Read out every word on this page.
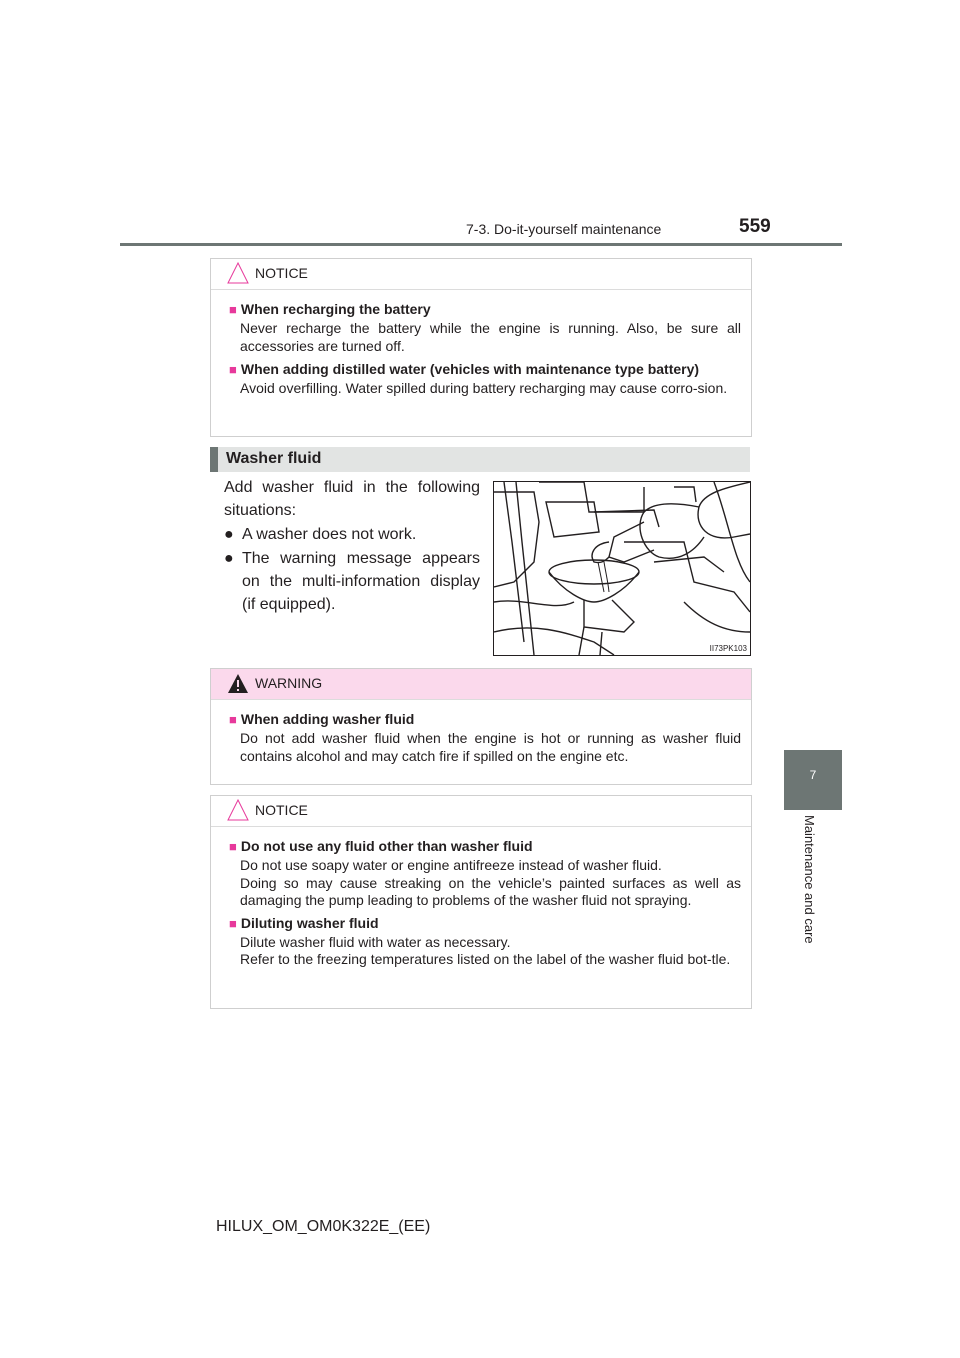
7-3. Do-it-yourself maintenance	559
7
Maintenance and care
NOTICE
■ When recharging the battery
Never recharge the battery while the engine is running. Also, be sure all accessories are turned off.
■ When adding distilled water (vehicles with maintenance type battery)
Avoid overfilling. Water spilled during battery recharging may cause corro-sion.
Washer fluid
Add washer fluid in the following situations:
● A washer does not work.
● The warning message appears on the multi-information display (if equipped).
II73PK103
WARNING
■ When adding washer fluid
Do not add washer fluid when the engine is hot or running as washer fluid contains alcohol and may catch fire if spilled on the engine etc.
NOTICE
■ Do not use any fluid other than washer fluid
Do not use soapy water or engine antifreeze instead of washer fluid.
Doing so may cause streaking on the vehicle’s painted surfaces as well as damaging the pump leading to problems of the washer fluid not spraying.
■ Diluting washer fluid
Dilute washer fluid with water as necessary.
Refer to the freezing temperatures listed on the label of the washer fluid bot-tle.
HILUX_OM_OM0K322E_(EE)
